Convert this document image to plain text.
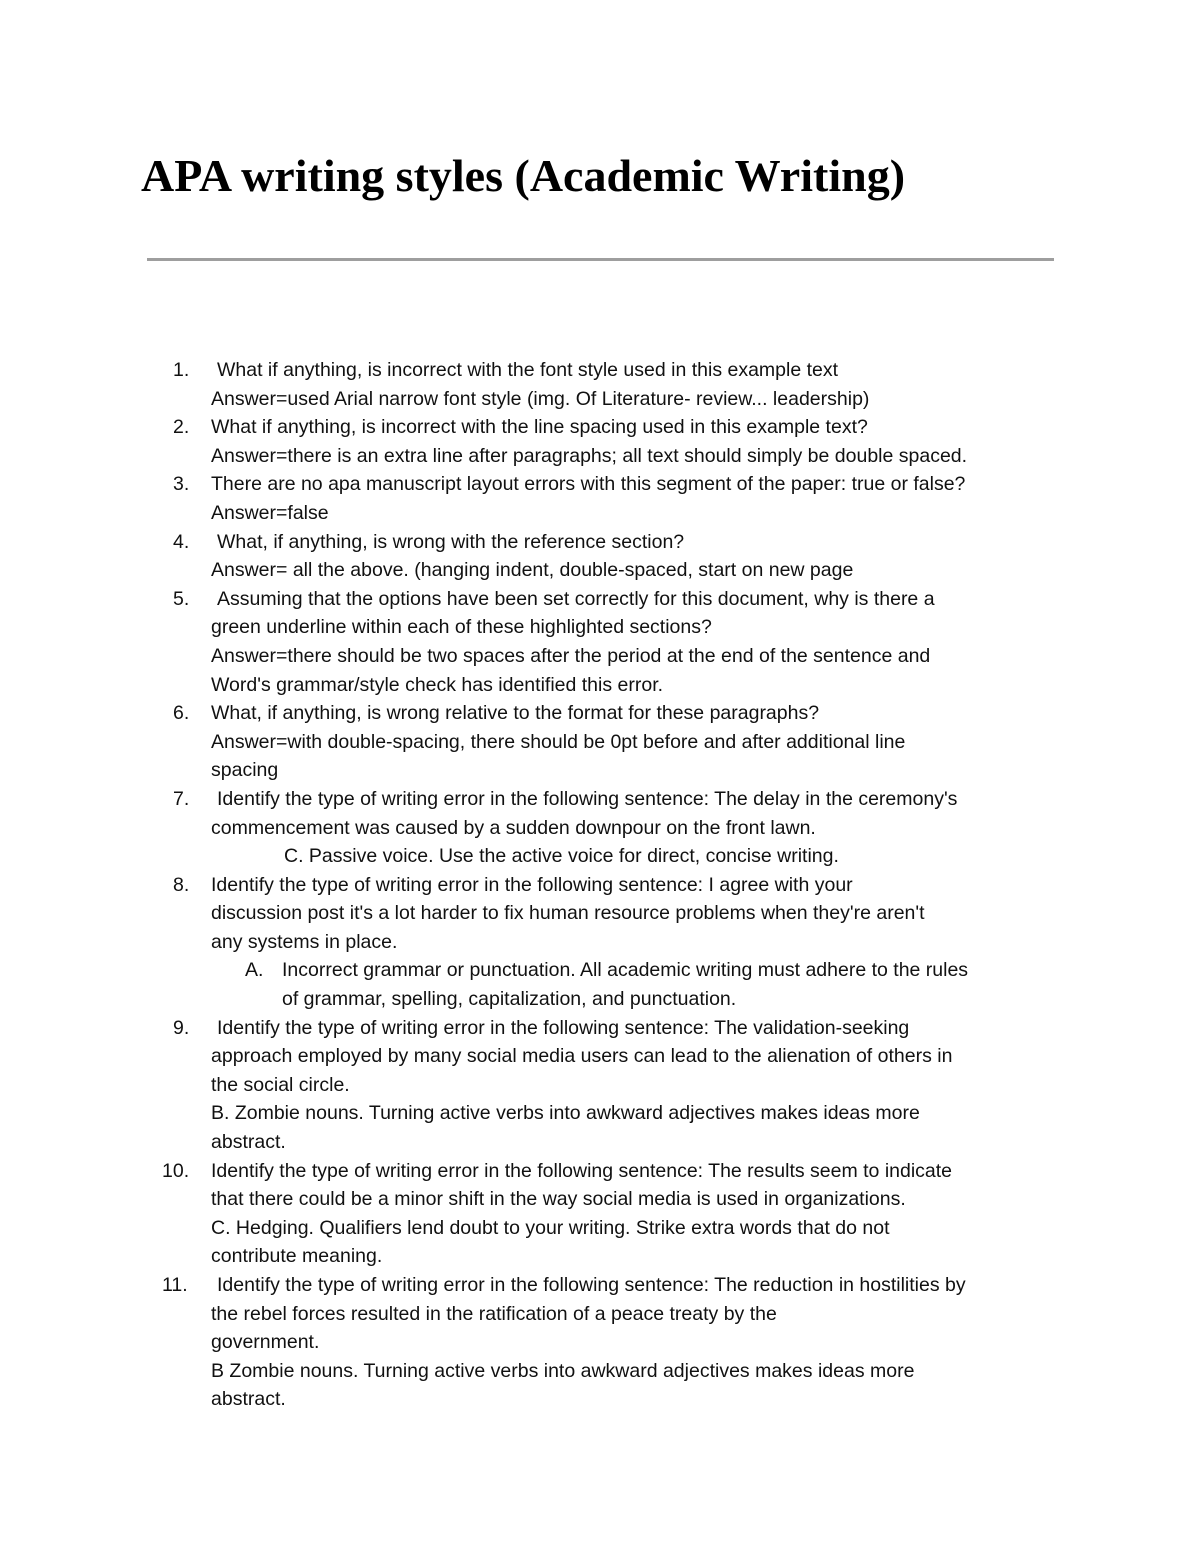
APA writing styles (Academic Writing)
1.	What if anything, is incorrect with the font style used in this example text
Answer=used Arial narrow font style (img. Of Literature- review... leadership)
2. What if anything, is incorrect with the line spacing used in this example text?
Answer=there is an extra line after paragraphs; all text should simply be double spaced.
3. There are no apa manuscript layout errors with this segment of the paper: true or false?
Answer=false
4.	What, if anything, is wrong with the reference section?
Answer= all the above. (hanging indent, double-spaced, start on new page
5.	Assuming that the options have been set correctly for this document, why is there a
green underline within each of these highlighted sections?
Answer=there should be two spaces after the period at the end of the sentence and
Word's grammar/style check has identified this error.
6. What, if anything, is wrong relative to the format for these paragraphs?
Answer=with double-spacing, there should be 0pt before and after additional line
spacing
7.	Identify the type of writing error in the following sentence: The delay in the ceremony's
commencement was caused by a sudden downpour on the front lawn.
C. Passive voice. Use the active voice for direct, concise writing.
8. Identify the type of writing error in the following sentence: I agree with your
discussion post it's a lot harder to fix human resource problems when they're aren't
any systems in place.
A. Incorrect grammar or punctuation. All academic writing must adhere to the rules
of grammar, spelling, capitalization, and punctuation.
9.	Identify the type of writing error in the following sentence: The validation-seeking
approach employed by many social media users can lead to the alienation of others in
the social circle.
B. Zombie nouns. Turning active verbs into awkward adjectives makes ideas more
abstract.
10. Identify the type of writing error in the following sentence: The results seem to indicate
that there could be a minor shift in the way social media is used in organizations.
C. Hedging. Qualifiers lend doubt to your writing. Strike extra words that do not
contribute meaning.
11.	Identify the type of writing error in the following sentence: The reduction in hostilities by
the rebel forces resulted in the ratification of a peace treaty by the
government.
B Zombie nouns. Turning active verbs into awkward adjectives makes ideas more
abstract.
